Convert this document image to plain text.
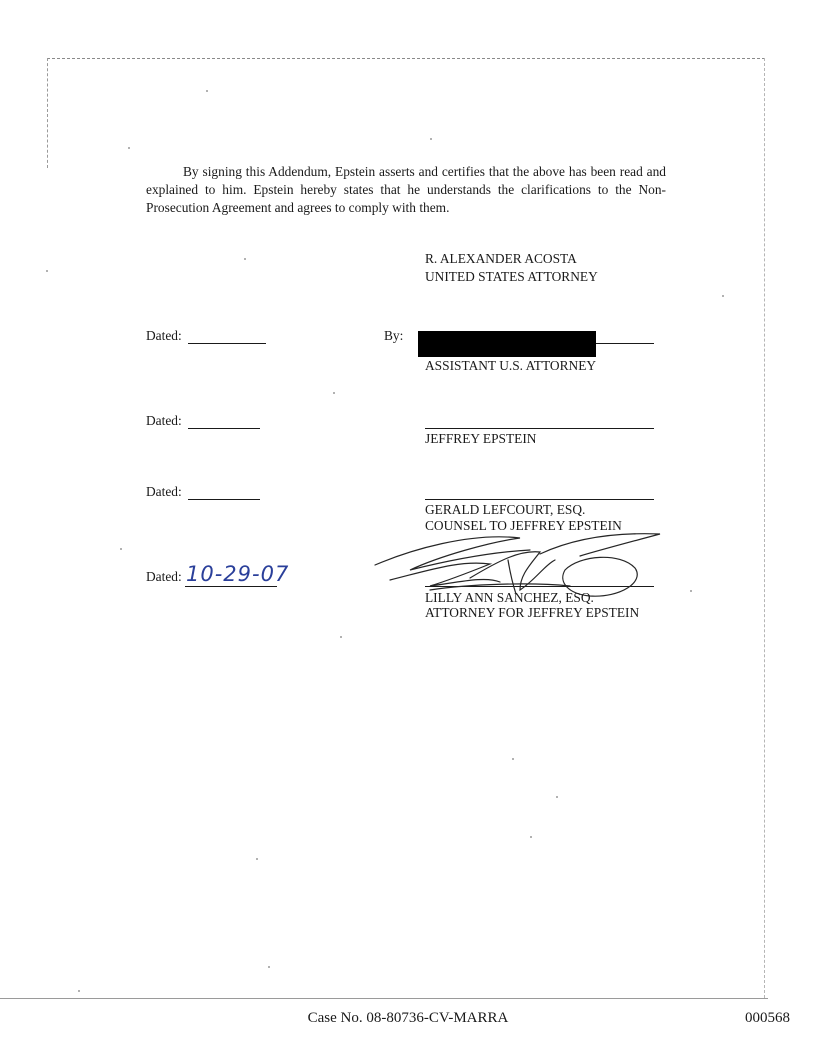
By signing this Addendum, Epstein asserts and certifies that the above has been read and explained to him. Epstein hereby states that he understands the clarifications to the Non-Prosecution Agreement and agrees to comply with them.

R. ALEXANDER ACOSTA

UNITED STATES ATTORNEY

Dated:	By:
ASSISTANT U.S. ATTORNEY
Dated:
JEFFREY EPSTEIN
Dated:
GERALD LEFCOURT, ESQ.
COUNSEL TO JEFFREY EPSTEIN
Dated: 10-29-07
LILLY ANN SANCHEZ, ESQ.
ATTORNEY FOR JEFFREY EPSTEIN

Case No. 08-80736-CV-MARRA	000568
